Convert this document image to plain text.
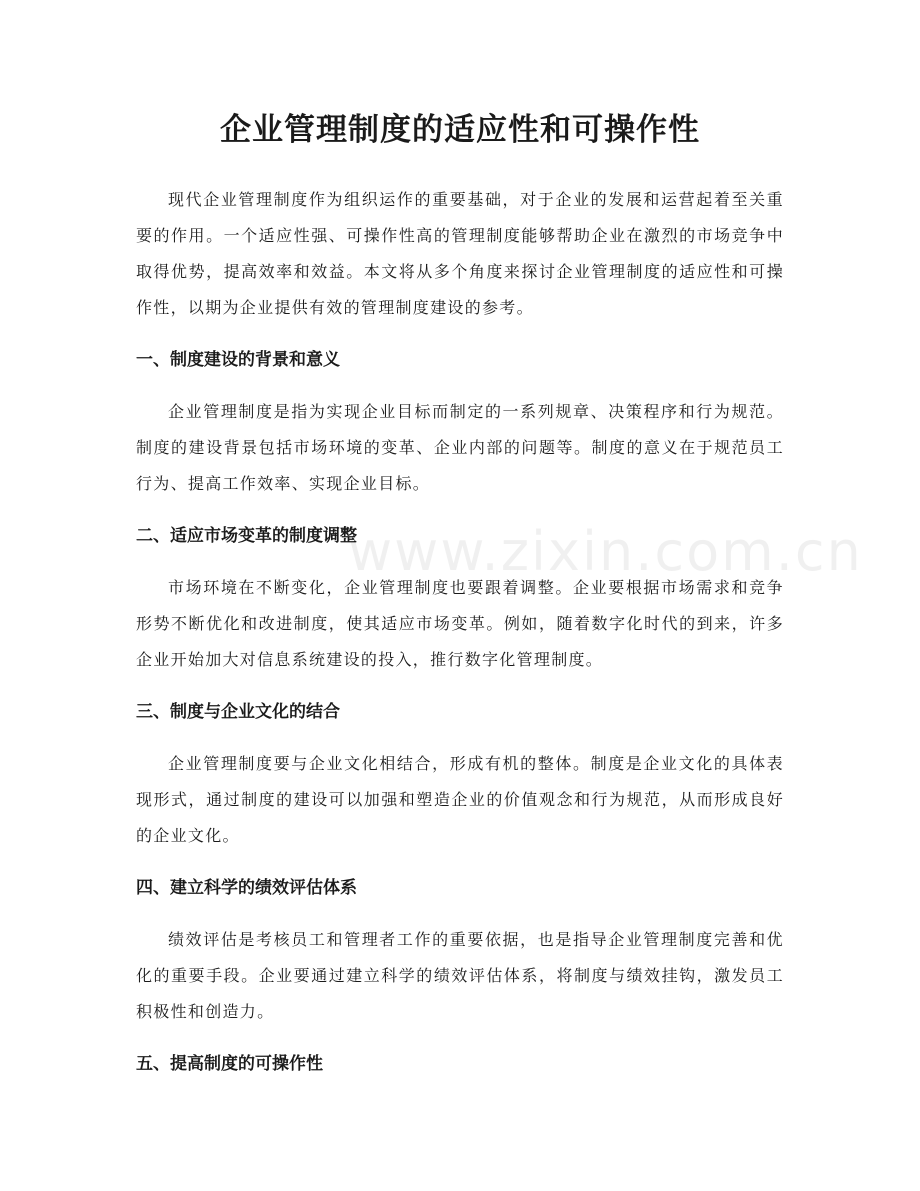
企业管理制度的适应性和可操作性

现代企业管理制度作为组织运作的重要基础，对于企业的发展和运营起着至关重要的作用。一个适应性强、可操作性高的管理制度能够帮助企业在激烈的市场竞争中取得优势，提高效率和效益。本文将从多个角度来探讨企业管理制度的适应性和可操作性，以期为企业提供有效的管理制度建设的参考。

一、制度建设的背景和意义

企业管理制度是指为实现企业目标而制定的一系列规章、决策程序和行为规范。制度的建设背景包括市场环境的变革、企业内部的问题等。制度的意义在于规范员工行为、提高工作效率、实现企业目标。

二、适应市场变革的制度调整

市场环境在不断变化，企业管理制度也要跟着调整。企业要根据市场需求和竞争形势不断优化和改进制度，使其适应市场变革。例如，随着数字化时代的到来，许多企业开始加大对信息系统建设的投入，推行数字化管理制度。

三、制度与企业文化的结合

企业管理制度要与企业文化相结合，形成有机的整体。制度是企业文化的具体表现形式，通过制度的建设可以加强和塑造企业的价值观念和行为规范，从而形成良好的企业文化。

四、建立科学的绩效评估体系

绩效评估是考核员工和管理者工作的重要依据，也是指导企业管理制度完善和优化的重要手段。企业要通过建立科学的绩效评估体系，将制度与绩效挂钩，激发员工积极性和创造力。

五、提高制度的可操作性
www.zixin.com.cn
